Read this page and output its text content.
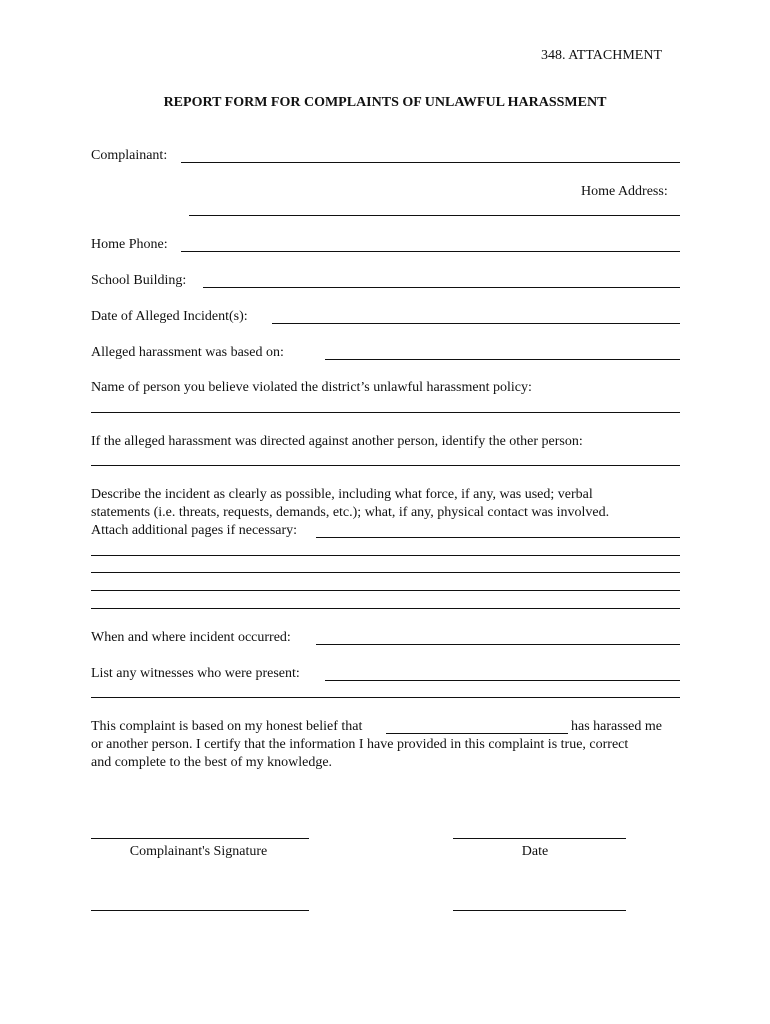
348. ATTACHMENT
REPORT FORM FOR COMPLAINTS OF UNLAWFUL HARASSMENT
Complainant:
Home Address:
Home Phone:
School Building:
Date of Alleged Incident(s):
Alleged harassment was based on:
Name of person you believe violated the district’s unlawful harassment policy:
If the alleged harassment was directed against another person, identify the other person:
Describe the incident as clearly as possible, including what force, if any, was used; verbal
statements (i.e. threats, requests, demands, etc.); what, if any, physical contact was involved.
Attach additional pages if necessary:
When and where incident occurred:
List any witnesses who were present:
This complaint is based on my honest belief that	has harassed me
or another person. I certify that the information I have provided in this complaint is true, correct
and complete to the best of my knowledge.
Complainant's Signature	Date
